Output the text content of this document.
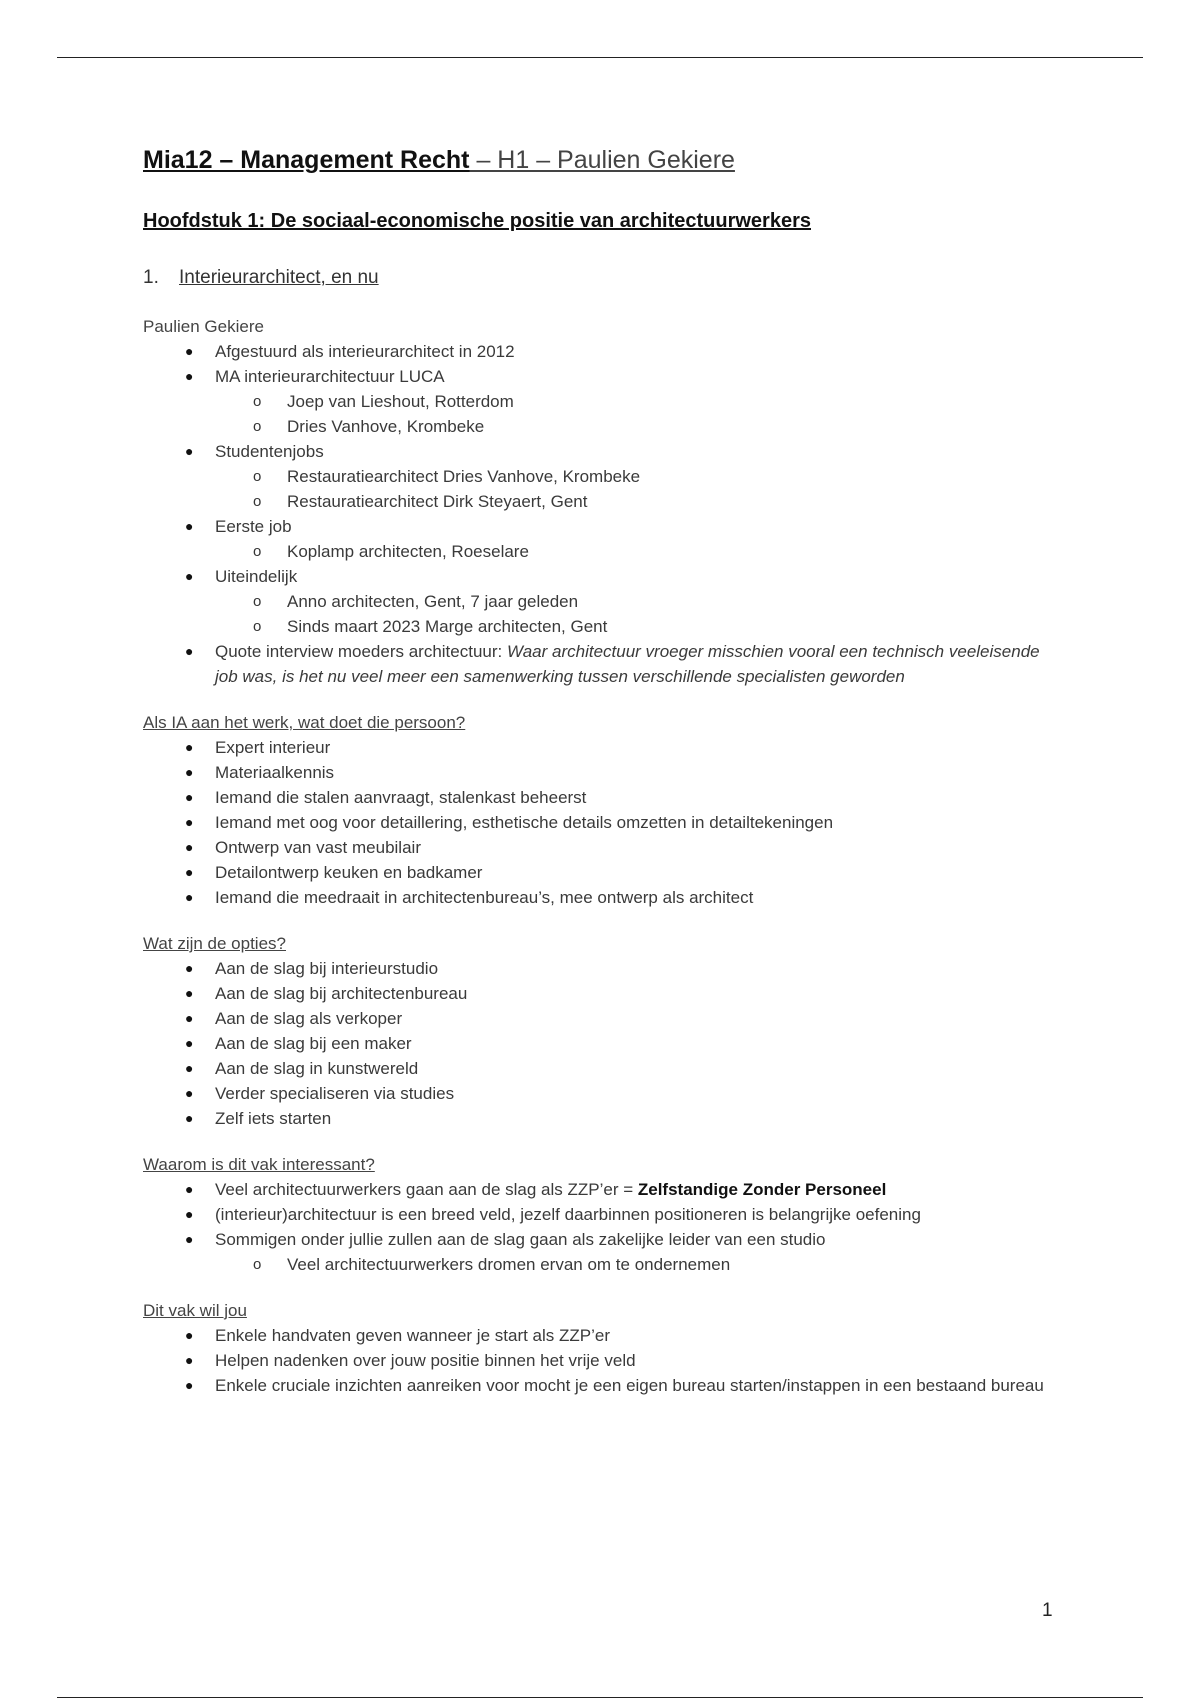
Mia12 – Management Recht – H1 – Paulien Gekiere
Hoofdstuk 1: De sociaal-economische positie van architectuurwerkers
1. Interieurarchitect, en nu

Paulien Gekiere

● Afgestuurd als interieurarchitect in 2012
● MA interieurarchitectuur LUCA
o Joep van Lieshout, Rotterdom
o Dries Vanhove, Krombeke
● Studentenjobs
o Restauratiearchitect Dries Vanhove, Krombeke
o Restauratiearchitect Dirk Steyaert, Gent
● Eerste job
o Koplamp architecten, Roeselare
● Uiteindelijk
o Anno architecten, Gent, 7 jaar geleden
o Sinds maart 2023 Marge architecten, Gent
● Quote interview moeders architectuur: Waar architectuur vroeger misschien vooral een technisch veeleisende job was, is het nu veel meer een samenwerking tussen verschillende specialisten geworden

Als IA aan het werk, wat doet die persoon?

● Expert interieur
● Materiaalkennis
● Iemand die stalen aanvraagt, stalenkast beheerst
● Iemand met oog voor detaillering, esthetische details omzetten in detailtekeningen
● Ontwerp van vast meubilair
● Detailontwerp keuken en badkamer
● Iemand die meedraait in architectenbureau’s, mee ontwerp als architect

Wat zijn de opties?

● Aan de slag bij interieurstudio
● Aan de slag bij architectenbureau
● Aan de slag als verkoper
● Aan de slag bij een maker
● Aan de slag in kunstwereld
● Verder specialiseren via studies
● Zelf iets starten

Waarom is dit vak interessant?

● Veel architectuurwerkers gaan aan de slag als ZZP’er = Zelfstandige Zonder Personeel
● (interieur)architectuur is een breed veld, jezelf daarbinnen positioneren is belangrijke oefening
● Sommigen onder jullie zullen aan de slag gaan als zakelijke leider van een studio
o Veel architectuurwerkers dromen ervan om te ondernemen

Dit vak wil jou

● Enkele handvaten geven wanneer je start als ZZP’er
● Helpen nadenken over jouw positie binnen het vrije veld
● Enkele cruciale inzichten aanreiken voor mocht je een eigen bureau starten/instappen in een bestaand bureau
1
